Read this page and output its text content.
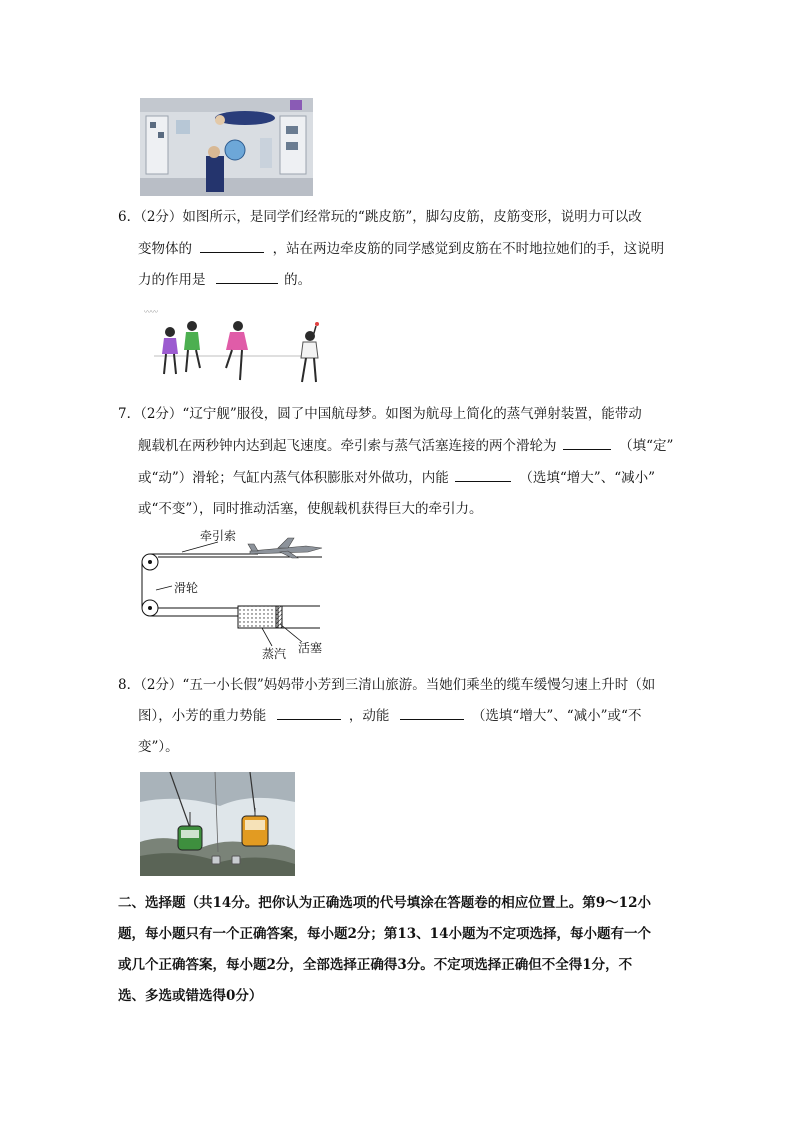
6．（2分）如图所示，是同学们经常玩的“跳皮筋”，脚勾皮筋，皮筋变形，说明力可以改
变物体的	，站在两边牵皮筋的同学感觉到皮筋在不时地拉她们的手，这说明
力的作用是	的。
〰〰
7．（2分）“辽宁舰”服役，圆了中国航母梦。如图为航母上简化的蒸气弹射装置，能带动
舰载机在两秒钟内达到起飞速度。牵引索与蒸气活塞连接的两个滑轮为	（填“定”
或“动”）滑轮；气缸内蒸气体积膨胀对外做功，内能	（选填“增大”、“减小”
或“不变”），同时推动活塞，使舰载机获得巨大的牵引力。
牵引索
滑轮
蒸汽 活塞
8．（2分）“五一小长假”妈妈带小芳到三清山旅游。当她们乘坐的缆车缓慢匀速上升时（如
图），小芳的重力势能	，动能	（选填“增大”、“减小”或“不
变”）。
二、选择题（共14分。把你认为正确选项的代号填涂在答题卷的相应位置上。第9～12小
题，每小题只有一个正确答案，每小题2分；第13、14小题为不定项选择，每小题有一个
或几个正确答案，每小题2分，全部选择正确得3分。不定项选择正确但不全得1分，不
选、多选或错选得0分）
